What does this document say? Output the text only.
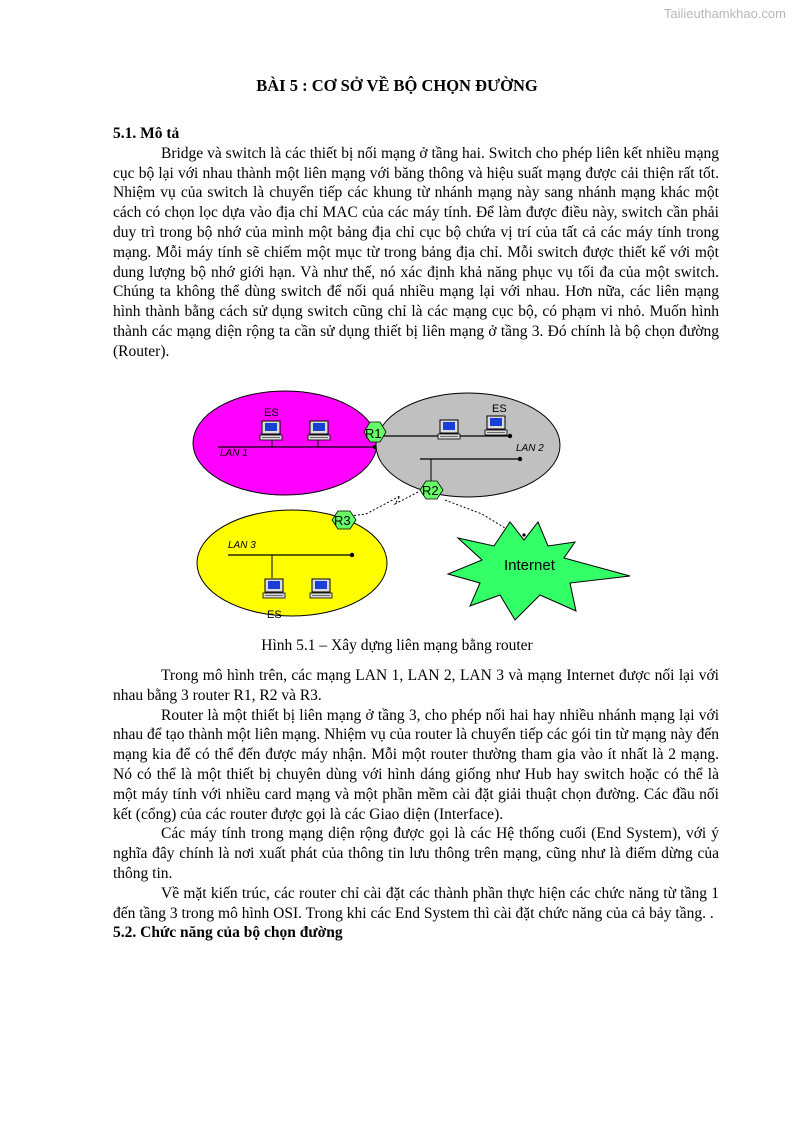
Tailieuthamkhao.com
BÀI 5 : CƠ SỞ VỀ BỘ CHỌN ĐƯỜNG
5.1. Mô tả

Bridge và switch là các thiết bị nối mạng ở tầng hai. Switch cho phép liên kết nhiều mạng cục bộ lại với nhau thành một liên mạng với băng thông và hiệu suất mạng được cải thiện rất tốt. Nhiệm vụ của switch là chuyển tiếp các khung từ nhánh mạng này sang nhánh mạng khác một cách có chọn lọc dựa vào địa chỉ MAC của các máy tính. Để làm được điều này, switch cần phải duy trì trong bộ nhớ của mình một bảng địa chỉ cục bộ chứa vị trí của tất cả các máy tính trong mạng. Mỗi máy tính sẽ chiếm một mục từ trong bảng địa chỉ. Mỗi switch được thiết kế với một dung lượng bộ nhớ giới hạn. Và như thế, nó xác định khả năng phục vụ tối đa của một switch. Chúng ta không thể dùng switch để nối quá nhiều mạng lại với nhau. Hơn nữa, các liên mạng hình thành bằng cách sử dụng switch cũng chỉ là các mạng cục bộ, có phạm vi nhỏ. Muốn hình thành các mạng diện rộng ta cần sử dụng thiết bị liên mạng ở tầng 3. Đó chính là bộ chọn đường (Router).

ES
LAN 1
ES
LAN 2
ES
LAN 3
Internet
R1
R2
R3
Hình 5.1 – Xây dựng liên mạng bằng router

Trong mô hình trên, các mạng LAN 1, LAN 2, LAN 3 và mạng Internet được nối lại với nhau bằng 3 router R1, R2 và R3.

Router là một thiết bị liên mạng ở tầng 3, cho phép nối hai hay nhiều nhánh mạng lại với nhau để tạo thành một liên mạng. Nhiệm vụ của router là chuyển tiếp các gói tin từ mạng này đến mạng kia để có thể đến được máy nhận. Mỗi một router thường tham gia vào ít nhất là 2 mạng. Nó có thể là một thiết bị chuyên dùng với hình dáng giống như Hub hay switch hoặc có thể là một máy tính với nhiều card mạng và một phần mềm cài đặt giải thuật chọn đường. Các đầu nối kết (cổng) của các router được gọi là các Giao diện (Interface).

Các máy tính trong mạng diện rộng được gọi là các Hệ thống cuối (End System), với ý nghĩa đây chính là nơi xuất phát của thông tin lưu thông trên mạng, cũng như là điểm dừng của thông tin.

Về mặt kiến trúc, các router chỉ cài đặt các thành phần thực hiện các chức năng từ tầng 1 đến tầng 3 trong mô hình OSI. Trong khi các End System thì cài đặt chức năng của cả bảy tầng. .

5.2. Chức năng của bộ chọn đường
